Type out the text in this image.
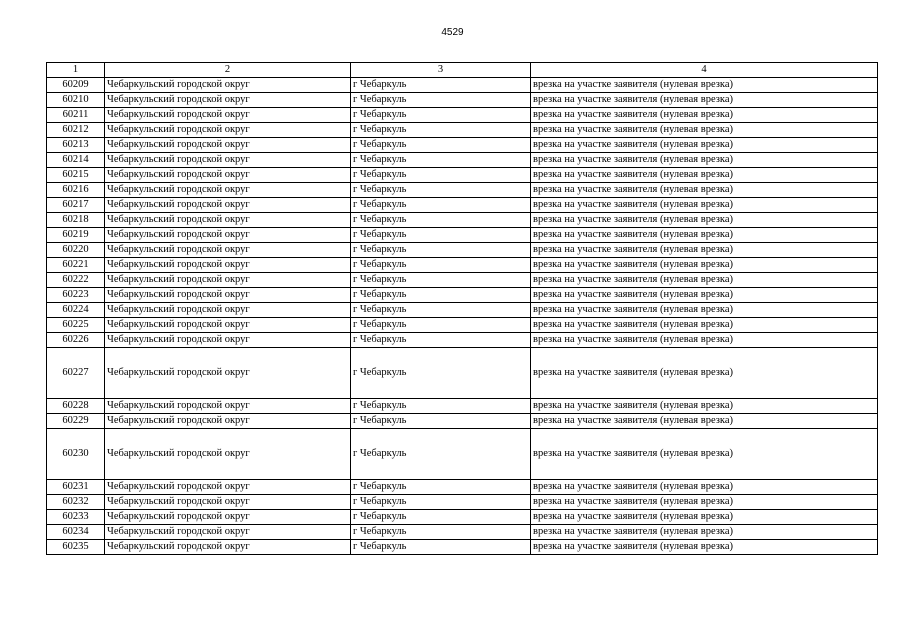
4529
1	2	3	4
60209	Чебаркульский городской округ	г Чебаркуль	врезка на участке заявителя (нулевая врезка)
60210	Чебаркульский городской округ	г Чебаркуль	врезка на участке заявителя (нулевая врезка)
60211	Чебаркульский городской округ	г Чебаркуль	врезка на участке заявителя (нулевая врезка)
60212	Чебаркульский городской округ	г Чебаркуль	врезка на участке заявителя (нулевая врезка)
60213	Чебаркульский городской округ	г Чебаркуль	врезка на участке заявителя (нулевая врезка)
60214	Чебаркульский городской округ	г Чебаркуль	врезка на участке заявителя (нулевая врезка)
60215	Чебаркульский городской округ	г Чебаркуль	врезка на участке заявителя (нулевая врезка)
60216	Чебаркульский городской округ	г Чебаркуль	врезка на участке заявителя (нулевая врезка)
60217	Чебаркульский городской округ	г Чебаркуль	врезка на участке заявителя (нулевая врезка)
60218	Чебаркульский городской округ	г Чебаркуль	врезка на участке заявителя (нулевая врезка)
60219	Чебаркульский городской округ	г Чебаркуль	врезка на участке заявителя (нулевая врезка)
60220	Чебаркульский городской округ	г Чебаркуль	врезка на участке заявителя (нулевая врезка)
60221	Чебаркульский городской округ	г Чебаркуль	врезка на участке заявителя (нулевая врезка)
60222	Чебаркульский городской округ	г Чебаркуль	врезка на участке заявителя (нулевая врезка)
60223	Чебаркульский городской округ	г Чебаркуль	врезка на участке заявителя (нулевая врезка)
60224	Чебаркульский городской округ	г Чебаркуль	врезка на участке заявителя (нулевая врезка)
60225	Чебаркульский городской округ	г Чебаркуль	врезка на участке заявителя (нулевая врезка)
60226	Чебаркульский городской округ	г Чебаркуль	врезка на участке заявителя (нулевая врезка)
60227	Чебаркульский городской округ	г Чебаркуль	врезка на участке заявителя (нулевая врезка)
60228	Чебаркульский городской округ	г Чебаркуль	врезка на участке заявителя (нулевая врезка)
60229	Чебаркульский городской округ	г Чебаркуль	врезка на участке заявителя (нулевая врезка)
60230	Чебаркульский городской округ	г Чебаркуль	врезка на участке заявителя (нулевая врезка)
60231	Чебаркульский городской округ	г Чебаркуль	врезка на участке заявителя (нулевая врезка)
60232	Чебаркульский городской округ	г Чебаркуль	врезка на участке заявителя (нулевая врезка)
60233	Чебаркульский городской округ	г Чебаркуль	врезка на участке заявителя (нулевая врезка)
60234	Чебаркульский городской округ	г Чебаркуль	врезка на участке заявителя (нулевая врезка)
60235	Чебаркульский городской округ	г Чебаркуль	врезка на участке заявителя (нулевая врезка)
